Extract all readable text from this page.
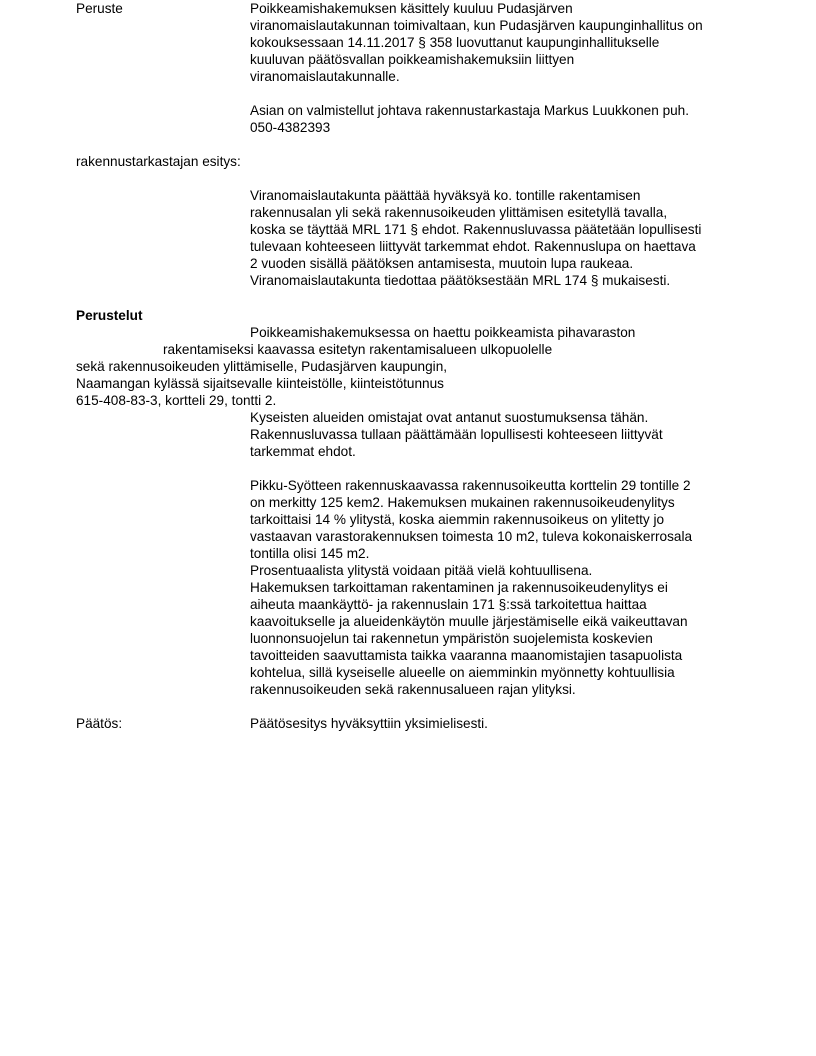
Peruste	Poikkeamishakemuksen käsittely kuuluu Pudasjärven
viranomaislautakunnan toimivaltaan, kun Pudasjärven kaupunginhallitus on
kokouksessaan 14.11.2017 § 358 luovuttanut kaupunginhallitukselle
kuuluvan päätösvallan poikkeamishakemuksiin liittyen
viranomaislautakunnalle.
Asian on valmistellut johtava rakennustarkastaja Markus Luukkonen puh.
050-4382393
rakennustarkastajan esitys:
Viranomaislautakunta päättää hyväksyä ko. tontille rakentamisen
rakennusalan yli sekä rakennusoikeuden ylittämisen esitetyllä tavalla,
koska se täyttää MRL 171 § ehdot. Rakennusluvassa päätetään lopullisesti
tulevaan kohteeseen liittyvät tarkemmat ehdot. Rakennuslupa on haettava
2 vuoden sisällä päätöksen antamisesta, muutoin lupa raukeaa.
Viranomaislautakunta tiedottaa päätöksestään MRL 174 § mukaisesti.
Perustelut
Poikkeamishakemuksessa on haettu poikkeamista pihavaraston
rakentamiseksi kaavassa esitetyn rakentamisalueen ulkopuolelle
sekä rakennusoikeuden ylittämiselle, Pudasjärven kaupungin,
Naamangan kylässä sijaitsevalle kiinteistölle, kiinteistötunnus
615-408-83-3, kortteli 29, tontti 2.
Kyseisten alueiden omistajat ovat antanut suostumuksensa tähän.
Rakennusluvassa tullaan päättämään lopullisesti kohteeseen liittyvät
tarkemmat ehdot.
Pikku-Syötteen rakennuskaavassa rakennusoikeutta korttelin 29 tontille 2
on merkitty 125 kem2. Hakemuksen mukainen rakennusoikeudenylitys
tarkoittaisi 14 % ylitystä, koska aiemmin rakennusoikeus on ylitetty jo
vastaavan varastorakennuksen toimesta 10 m2, tuleva kokonaiskerrosala
tontilla olisi 145 m2.
Prosentuaalista ylitystä voidaan pitää vielä kohtuullisena.
Hakemuksen tarkoittaman rakentaminen ja rakennusoikeudenylitys ei
aiheuta maankäyttö- ja rakennuslain 171 §:ssä tarkoitettua haittaa
kaavoitukselle ja alueidenkäytön muulle järjestämiselle eikä vaikeuttavan
luonnonsuojelun tai rakennetun ympäristön suojelemista koskevien
tavoitteiden saavuttamista taikka vaaranna maanomistajien tasapuolista
kohtelua, sillä kyseiselle alueelle on aiemminkin myönnetty kohtuullisia
rakennusoikeuden sekä rakennusalueen rajan ylityksi.
Päätös:	Päätösesitys hyväksyttiin yksimielisesti.
